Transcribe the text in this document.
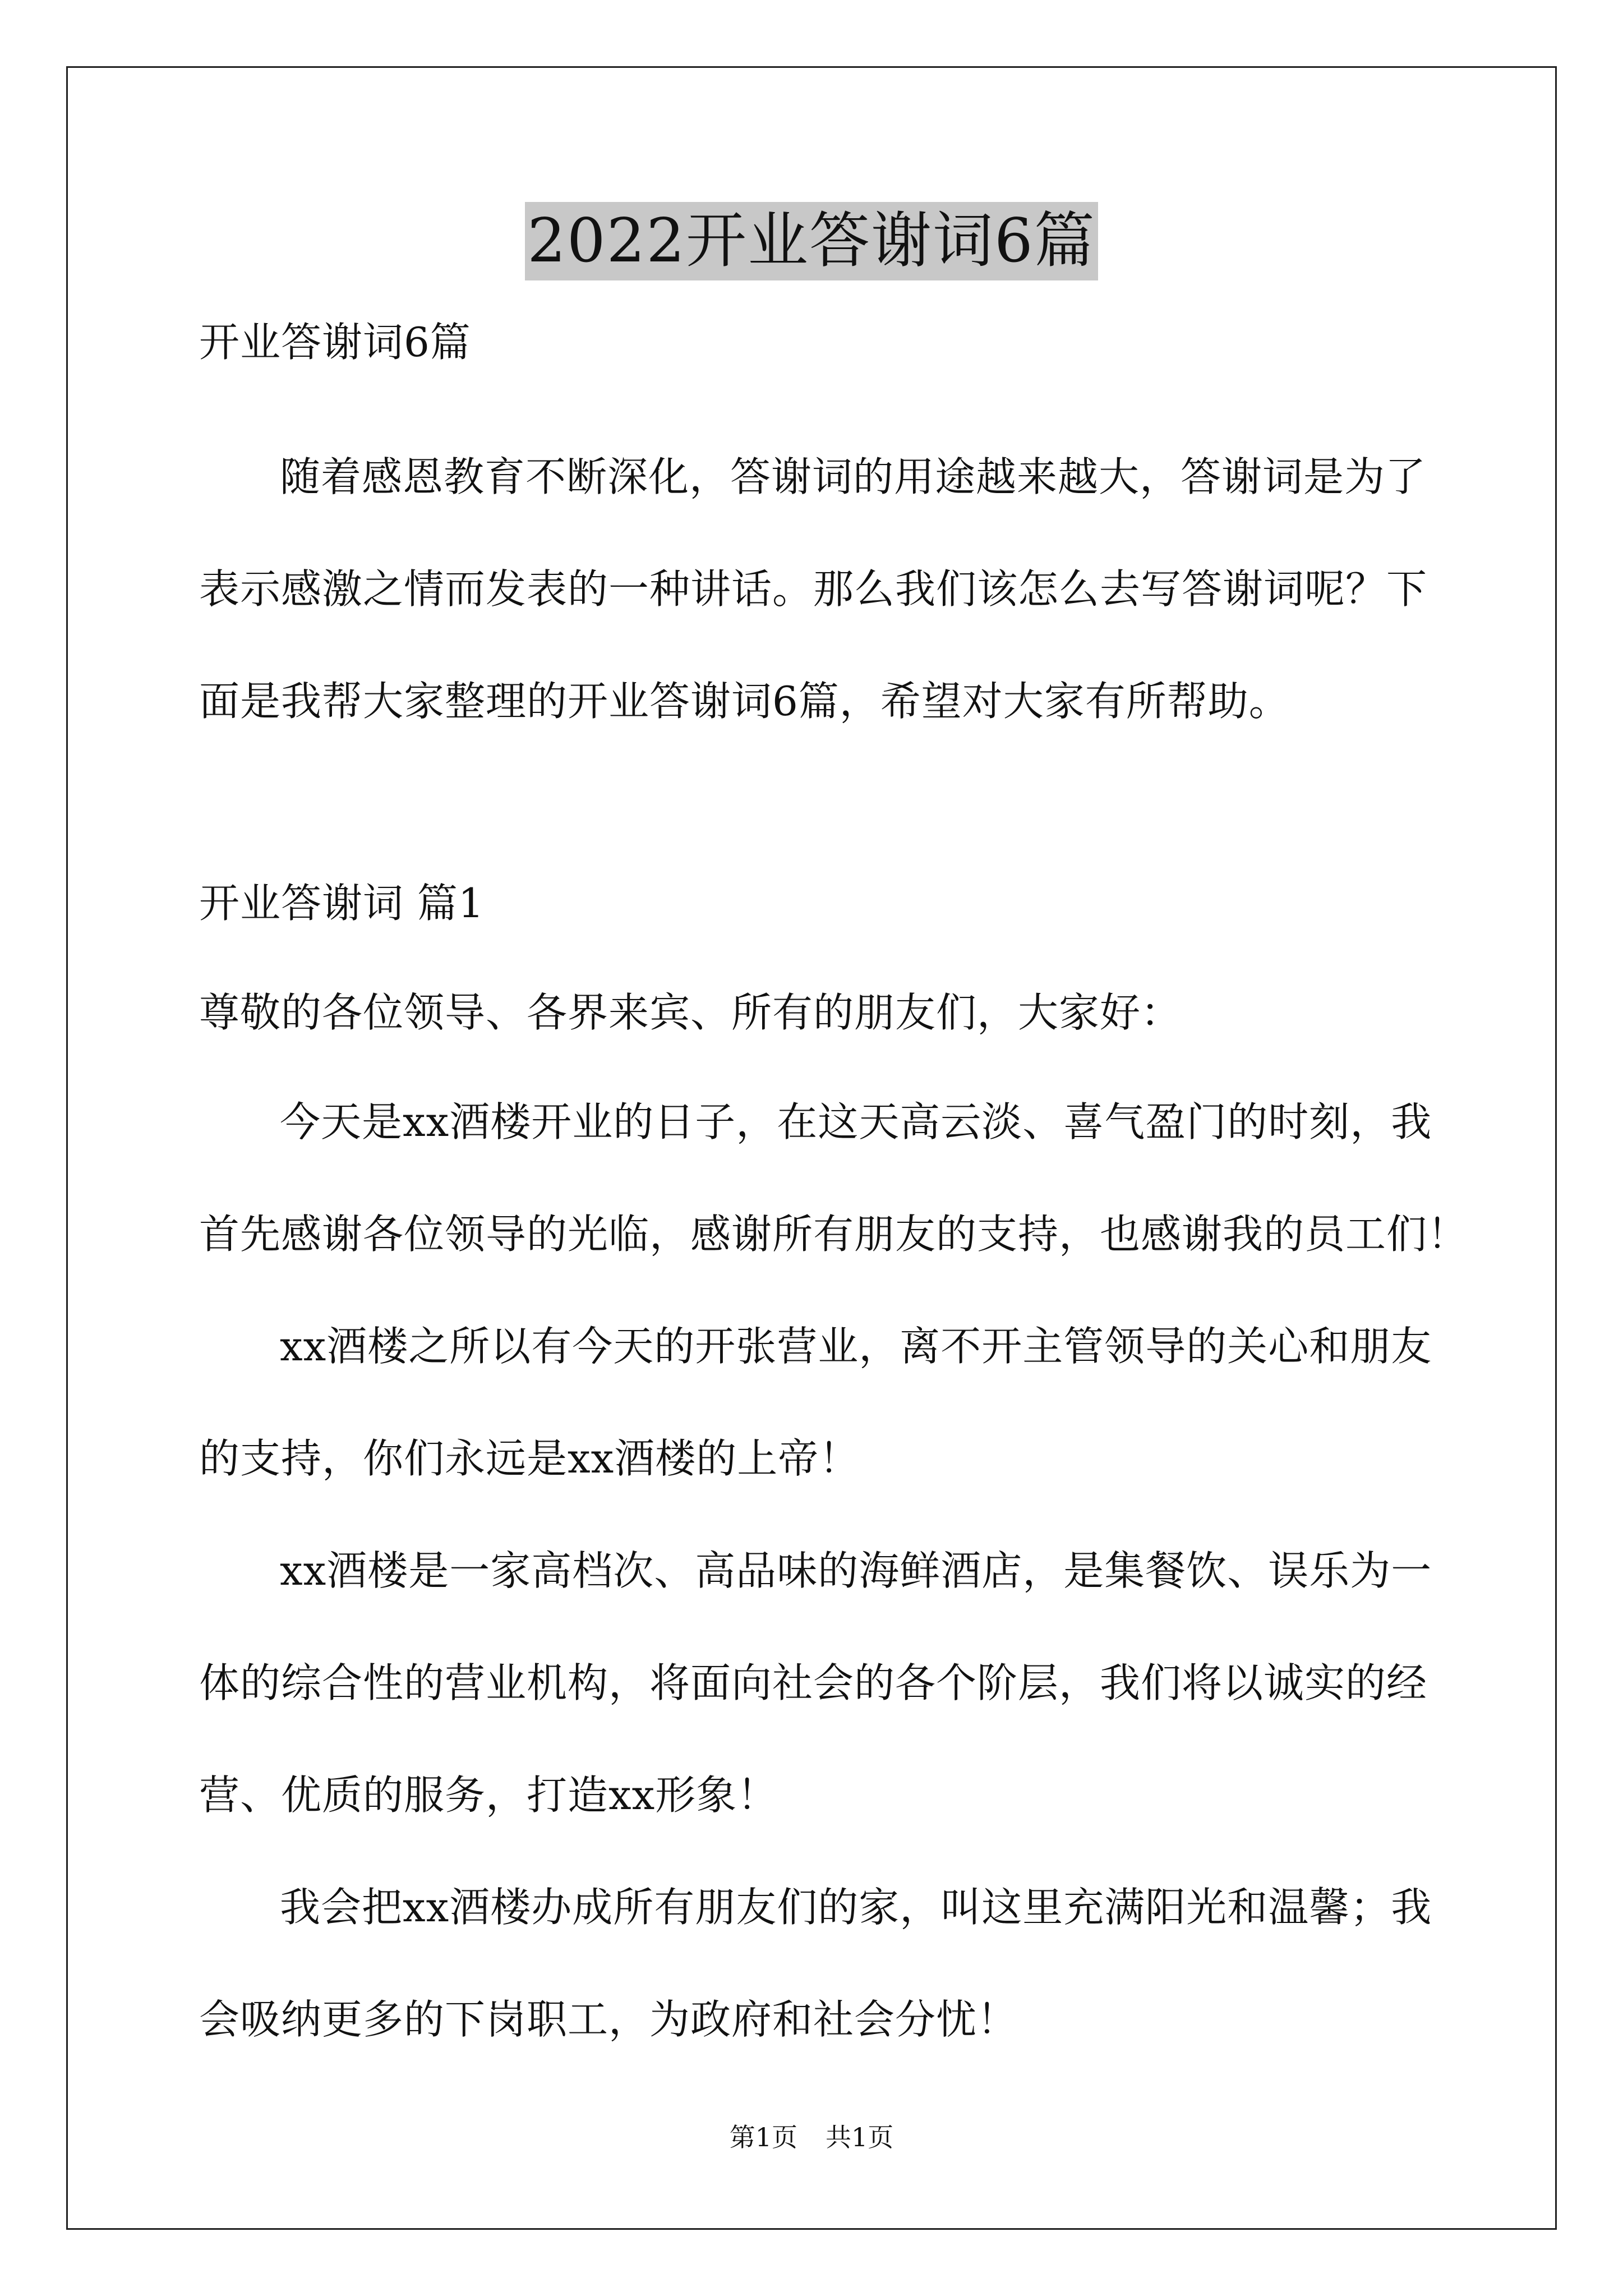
2022开业答谢词6篇
开业答谢词6篇
随着感恩教育不断深化，答谢词的用途越来越大，答谢词是为了
表示感激之情而发表的一种讲话。那么我们该怎么去写答谢词呢？下
面是我帮大家整理的开业答谢词6篇，希望对大家有所帮助。
开业答谢词 篇1
尊敬的各位领导、各界来宾、所有的朋友们，大家好：
今天是xx酒楼开业的日子，在这天高云淡、喜气盈门的时刻，我
首先感谢各位领导的光临，感谢所有朋友的支持，也感谢我的员工们！
xx酒楼之所以有今天的开张营业，离不开主管领导的关心和朋友
的支持，你们永远是xx酒楼的上帝！
xx酒楼是一家高档次、高品味的海鲜酒店，是集餐饮、误乐为一
体的综合性的营业机构，将面向社会的各个阶层，我们将以诚实的经
营、优质的服务，打造xx形象！
我会把xx酒楼办成所有朋友们的家，叫这里充满阳光和温馨；我
会吸纳更多的下岗职工，为政府和社会分忧！
第1页 共1页
